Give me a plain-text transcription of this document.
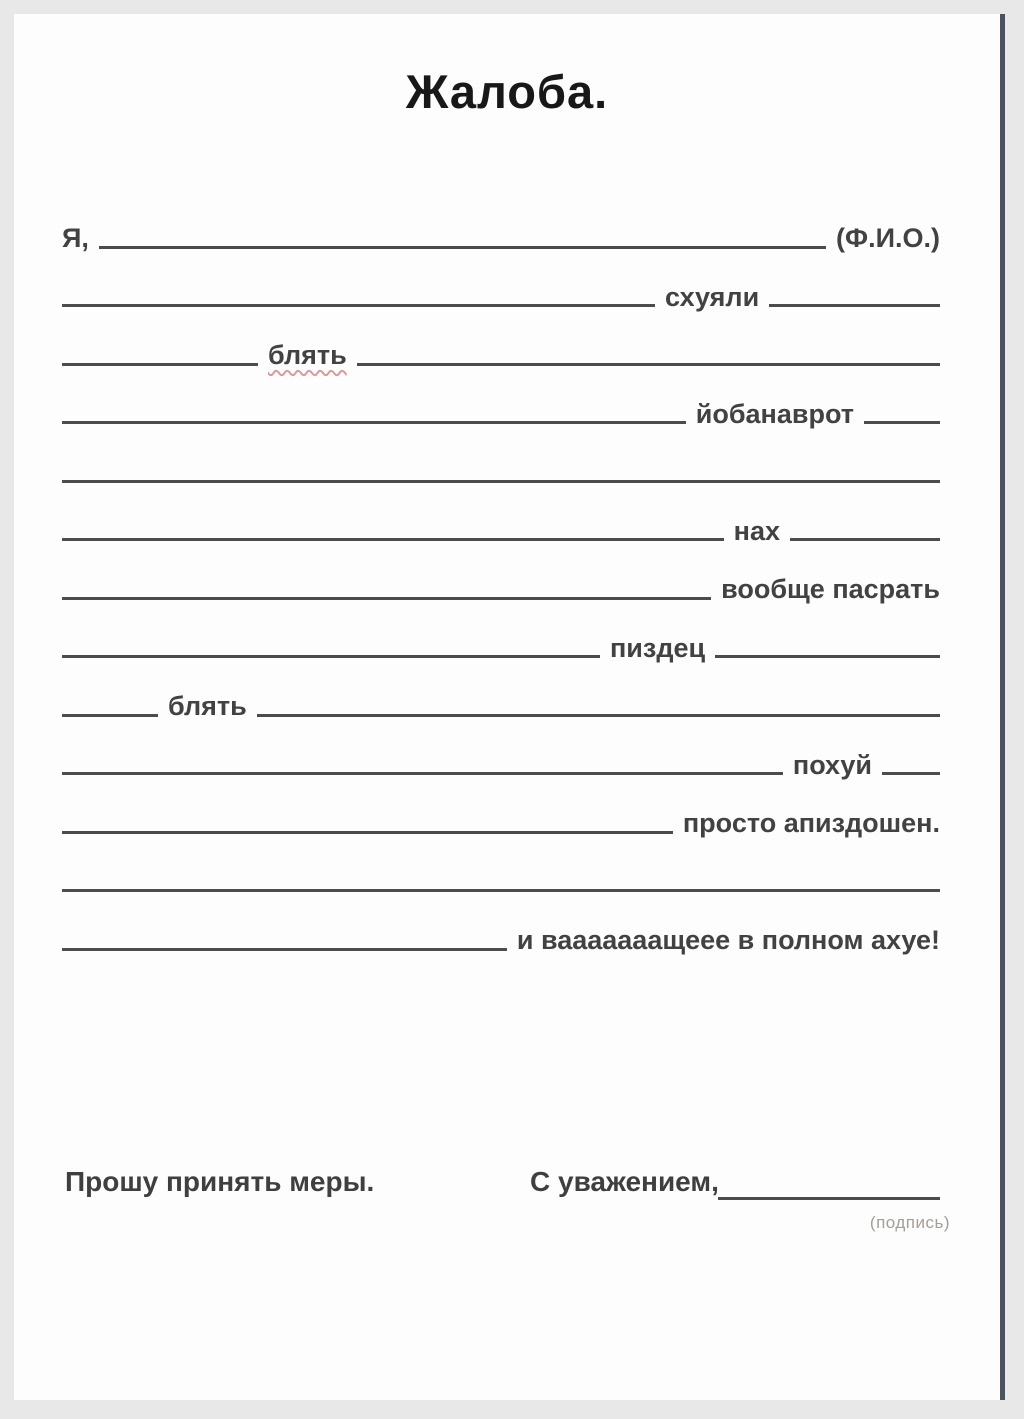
Жалоба.
Я,	(Ф.И.О.)
схуяли
блять
йобанаврот
нах
вообще пасрать
пиздец
блять
похуй
просто апиздошен.
и вааааааащеее в полном ахуе!
Прошу принять меры.	С уважением,
(подпись)
